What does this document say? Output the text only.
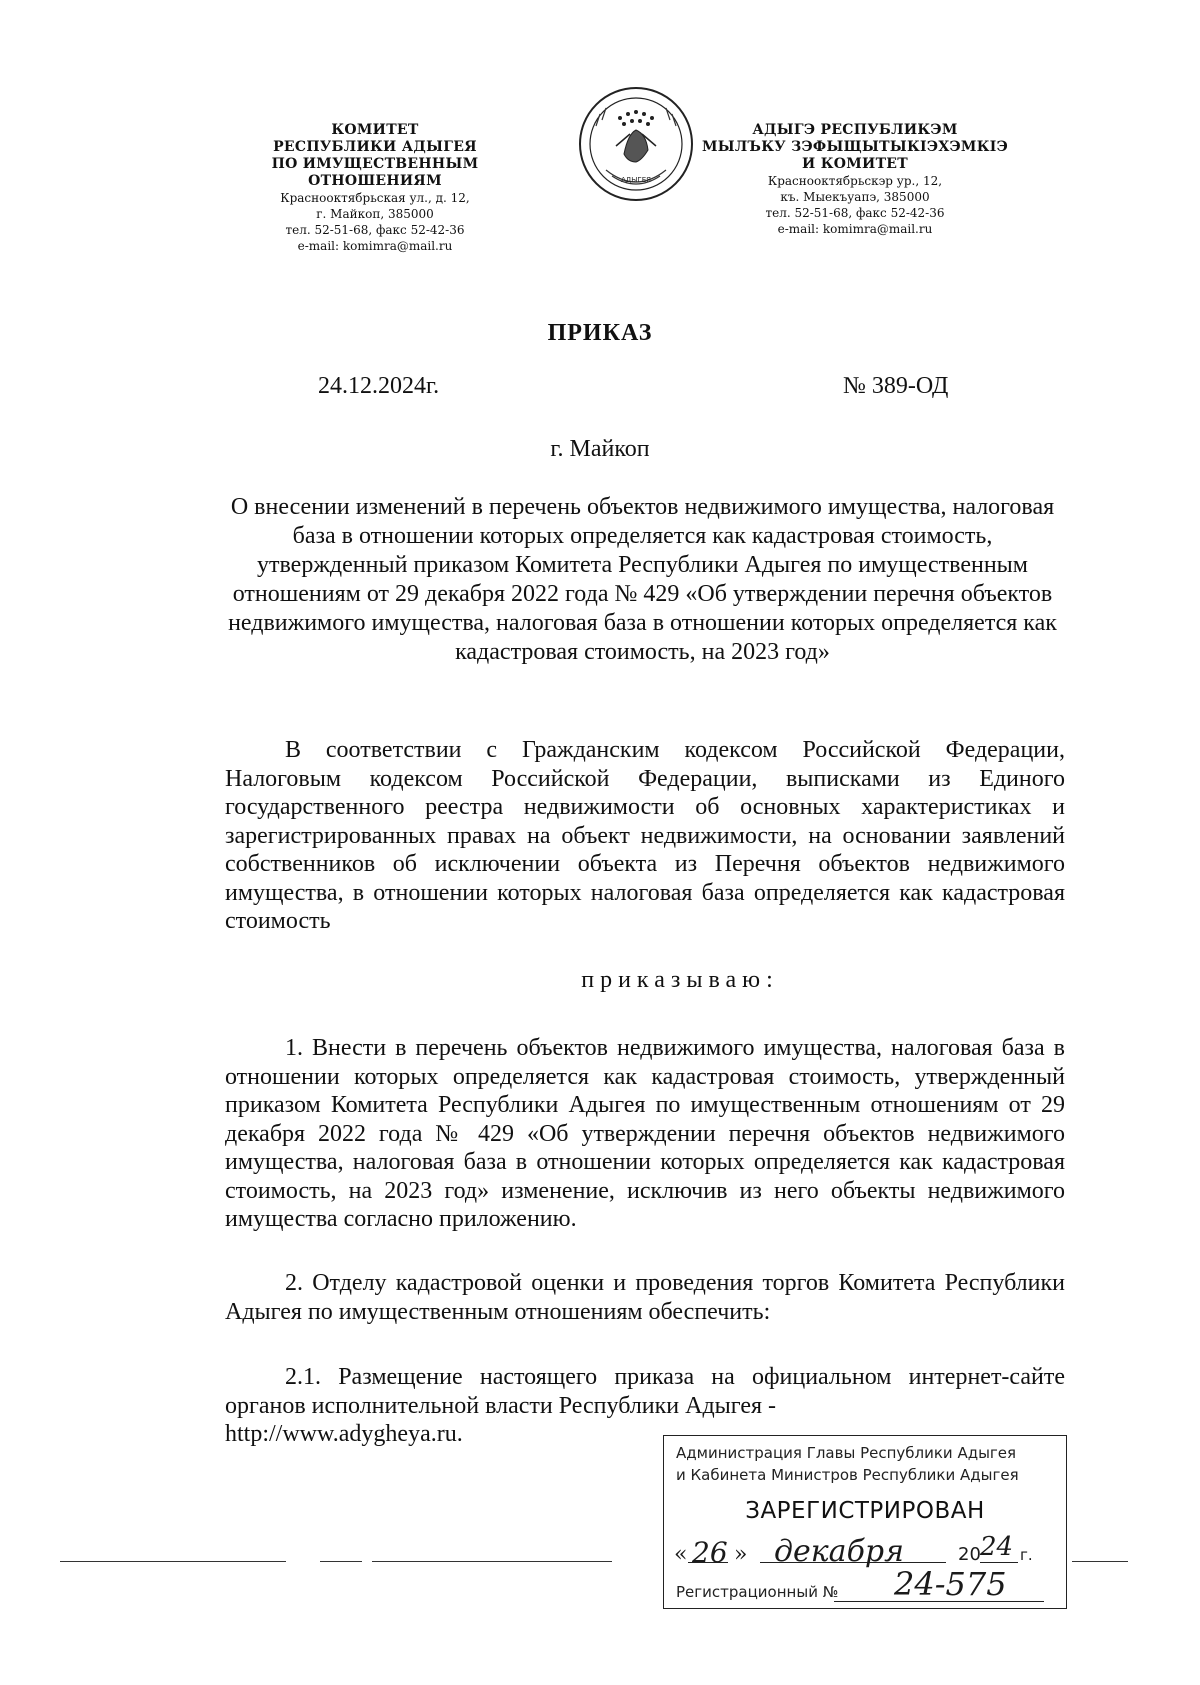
КОМИТЕТ
РЕСПУБЛИКИ АДЫГЕЯ
ПО ИМУЩЕСТВЕННЫМ ОТНОШЕНИЯМ
Краснооктябрьская ул., д. 12,
г. Майкоп, 385000
тел. 52-51-68, факс 52-42-36
e-mail: komimra@mail.ru
АДЫГЕЯ
АДЫГЭ РЕСПУБЛИКЭМ
МЫЛЪКУ ЗЭФЫЩЫТЫКІЭХЭМКІЭ
И КОМИТЕТ
Краснооктябрьскэр ур., 12,
къ. Мыекъуапэ, 385000
тел. 52-51-68, факс 52-42-36
e-mail: komimra@mail.ru
ПРИКАЗ
24.12.2024г.	№ 389-ОД
г. Майкоп
О внесении изменений в перечень объектов недвижимого имущества, налоговая база в отношении которых определяется как кадастровая стоимость, утвержденный приказом Комитета Республики Адыгея по имущественным отношениям от 29 декабря 2022 года № 429 «Об утверждении перечня объектов недвижимого имущества, налоговая база в отношении которых определяется как кадастровая стоимость, на 2023 год»

В соответствии с Гражданским кодексом Российской Федерации, Налоговым кодексом Российской Федерации, выписками из Единого государственного реестра недвижимости об основных характеристиках и зарегистрированных правах на объект недвижимости, на основании заявлений собственников об исключении объекта из Перечня объектов недвижимого имущества, в отношении которых налоговая база определяется как кадастровая стоимость

приказываю:

1. Внести в перечень объектов недвижимого имущества, налоговая база в отношении которых определяется как кадастровая стоимость, утвержденный приказом Комитета Республики Адыгея по имущественным отношениям от 29 декабря 2022 года № 429 «Об утверждении перечня объектов недвижимого имущества, налоговая база в отношении которых определяется как кадастровая стоимость, на 2023 год» изменение, исключив из него объекты недвижимого имущества согласно приложению.

2. Отделу кадастровой оценки и проведения торгов Комитета Республики Адыгея по имущественным отношениям обеспечить:

2.1. Размещение настоящего приказа на официальном интернет-сайте органов исполнительной власти Республики Адыгея -
http://www.adygheya.ru.
Администрация Главы Республики Адыгея
и Кабинета Министров Республики Адыгея
ЗАРЕГИСТРИРОВАН
« 26 » декабря	20 24 г.
Регистрационный № 24-575
